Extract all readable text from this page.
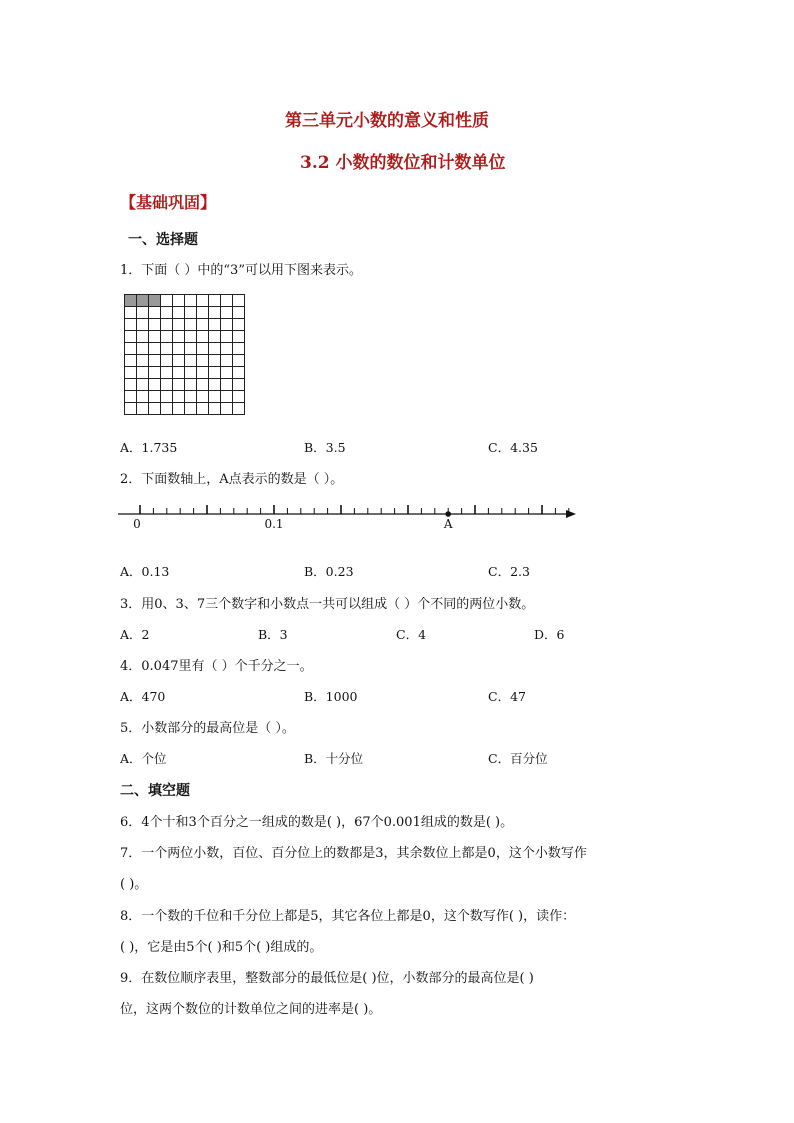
第三单元小数的意义和性质
3.2 小数的数位和计数单位
【基础巩固】
一、选择题
1．下面（ ）中的“3”可以用下图来表示。
A．1.735	B．3.5	C．4.35
2．下面数轴上，A点表示的数是（ ）。
0	0.1	A
A．0.13	B．0.23	C．2.3
3．用0、3、7三个数字和小数点一共可以组成（ ）个不同的两位小数。
A．2	B．3	C．4	D．6
4．0.047里有（ ）个千分之一。
A．470	B．1000	C．47
5．小数部分的最高位是（ ）。
A．个位	B．十分位	C．百分位
二、填空题
6．4个十和3个百分之一组成的数是( )，67个0.001组成的数是( )。
7．一个两位小数，百位、百分位上的数都是3，其余数位上都是0，这个小数写作
( )。
8．一个数的千位和千分位上都是5，其它各位上都是0，这个数写作( )，读作：
( )，它是由5个( )和5个( )组成的。
9．在数位顺序表里，整数部分的最低位是( )位，小数部分的最高位是( )
位，这两个数位的计数单位之间的进率是( )。
